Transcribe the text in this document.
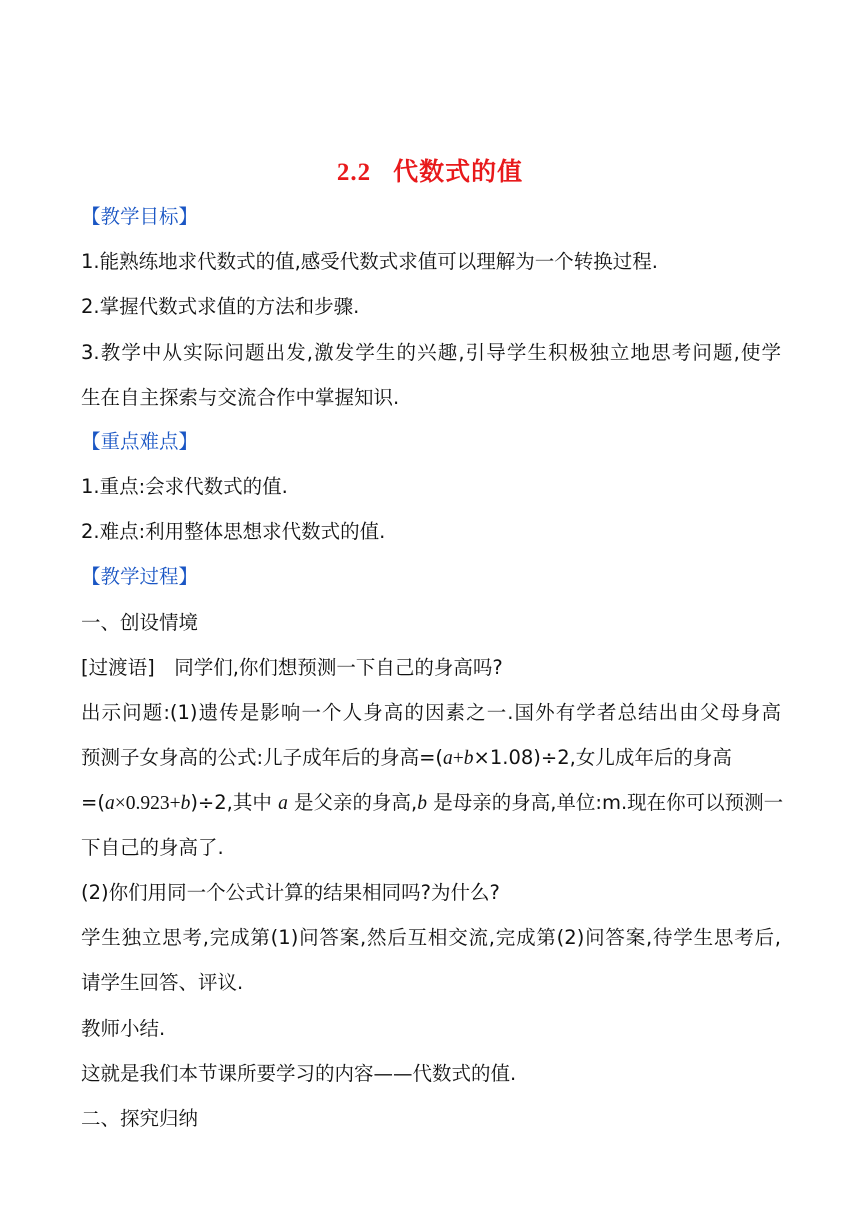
2.2 代数式的值
【教学目标】
1.能熟练地求代数式的值,感受代数式求值可以理解为一个转换过程.
2.掌握代数式求值的方法和步骤.
3.教学中从实际问题出发,激发学生的兴趣,引导学生积极独立地思考问题,使学
生在自主探索与交流合作中掌握知识.
【重点难点】
1.重点:会求代数式的值.
2.难点:利用整体思想求代数式的值.
【教学过程】
一、创设情境
[过渡语]　同学们,你们想预测一下自己的身高吗?
出示问题:(1)遗传是影响一个人身高的因素之一.国外有学者总结出由父母身高
预测子女身高的公式:儿子成年后的身高=(a+b×1.08)÷2,女儿成年后的身高
=(a×0.923+b)÷2,其中 a 是父亲的身高,b 是母亲的身高,单位:m.现在你可以预测一
下自己的身高了.
(2)你们用同一个公式计算的结果相同吗?为什么?
学生独立思考,完成第(1)问答案,然后互相交流,完成第(2)问答案,待学生思考后,
请学生回答、评议.
教师小结.
这就是我们本节课所要学习的内容——代数式的值.
二、探究归纳
